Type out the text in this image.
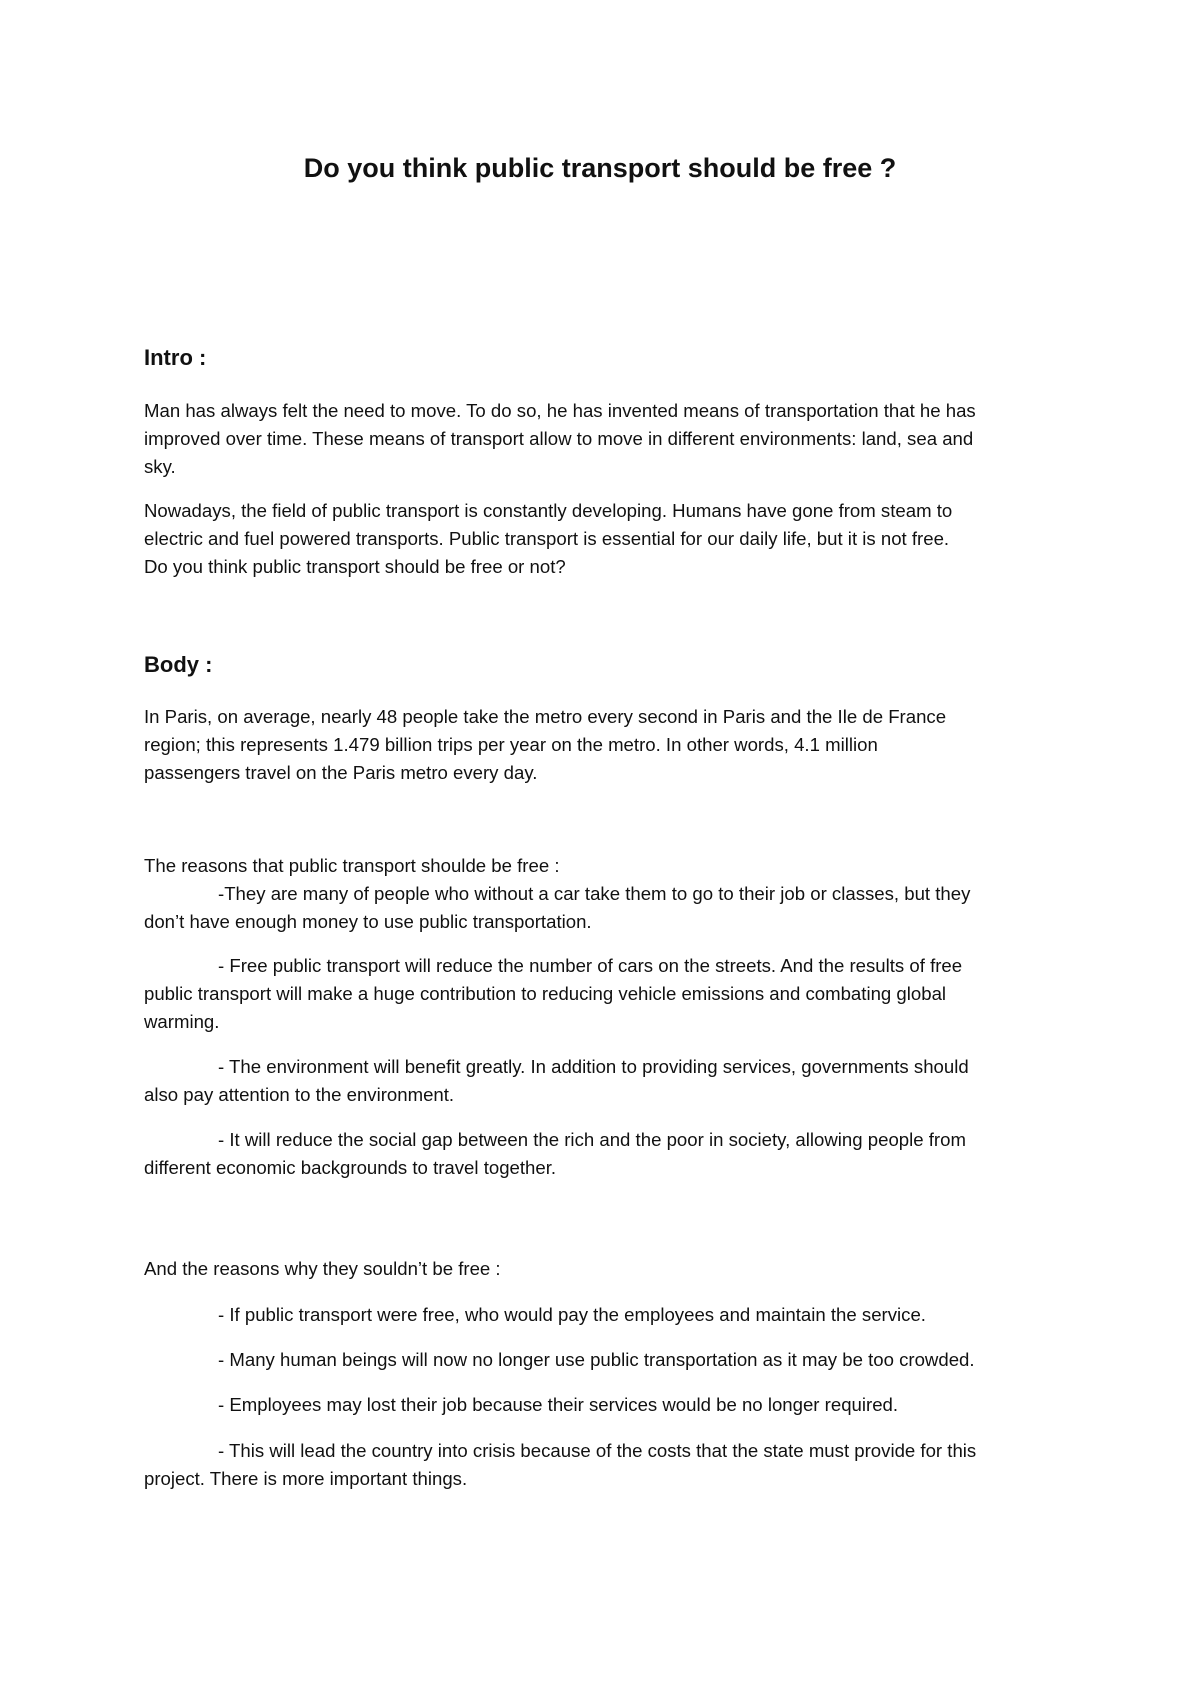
Do you think public transport should be free ?
Intro :

Man has always felt the need to move. To do so, he has invented means of transportation that he has

improved over time. These means of transport allow to move in different environments: land, sea and

sky.

Nowadays, the field of public transport is constantly developing. Humans have gone from steam to

electric and fuel powered transports. Public transport is essential for our daily life, but it is not free.

Do you think public transport should be free or not?

Body :

In Paris, on average, nearly 48 people take the metro every second in Paris and the Ile de France

region; this represents 1.479 billion trips per year on the metro. In other words, 4.1 million

passengers travel on the Paris metro every day.

The reasons that public transport shoulde be free :

-They are many of people who without a car take them to go to their job or classes, but they

don’t have enough money to use public transportation.

- Free public transport will reduce the number of cars on the streets. And the results of free

public transport will make a huge contribution to reducing vehicle emissions and combating global

warming.

- The environment will benefit greatly. In addition to providing services, governments should

also pay attention to the environment.

- It will reduce the social gap between the rich and the poor in society, allowing people from

different economic backgrounds to travel together.

And the reasons why they souldn’t be free :

- If public transport were free, who would pay the employees and maintain the service.

- Many human beings will now no longer use public transportation as it may be too crowded.

- Employees may lost their job because their services would be no longer required.

- This will lead the country into crisis because of the costs that the state must provide for this

project. There is more important things.
